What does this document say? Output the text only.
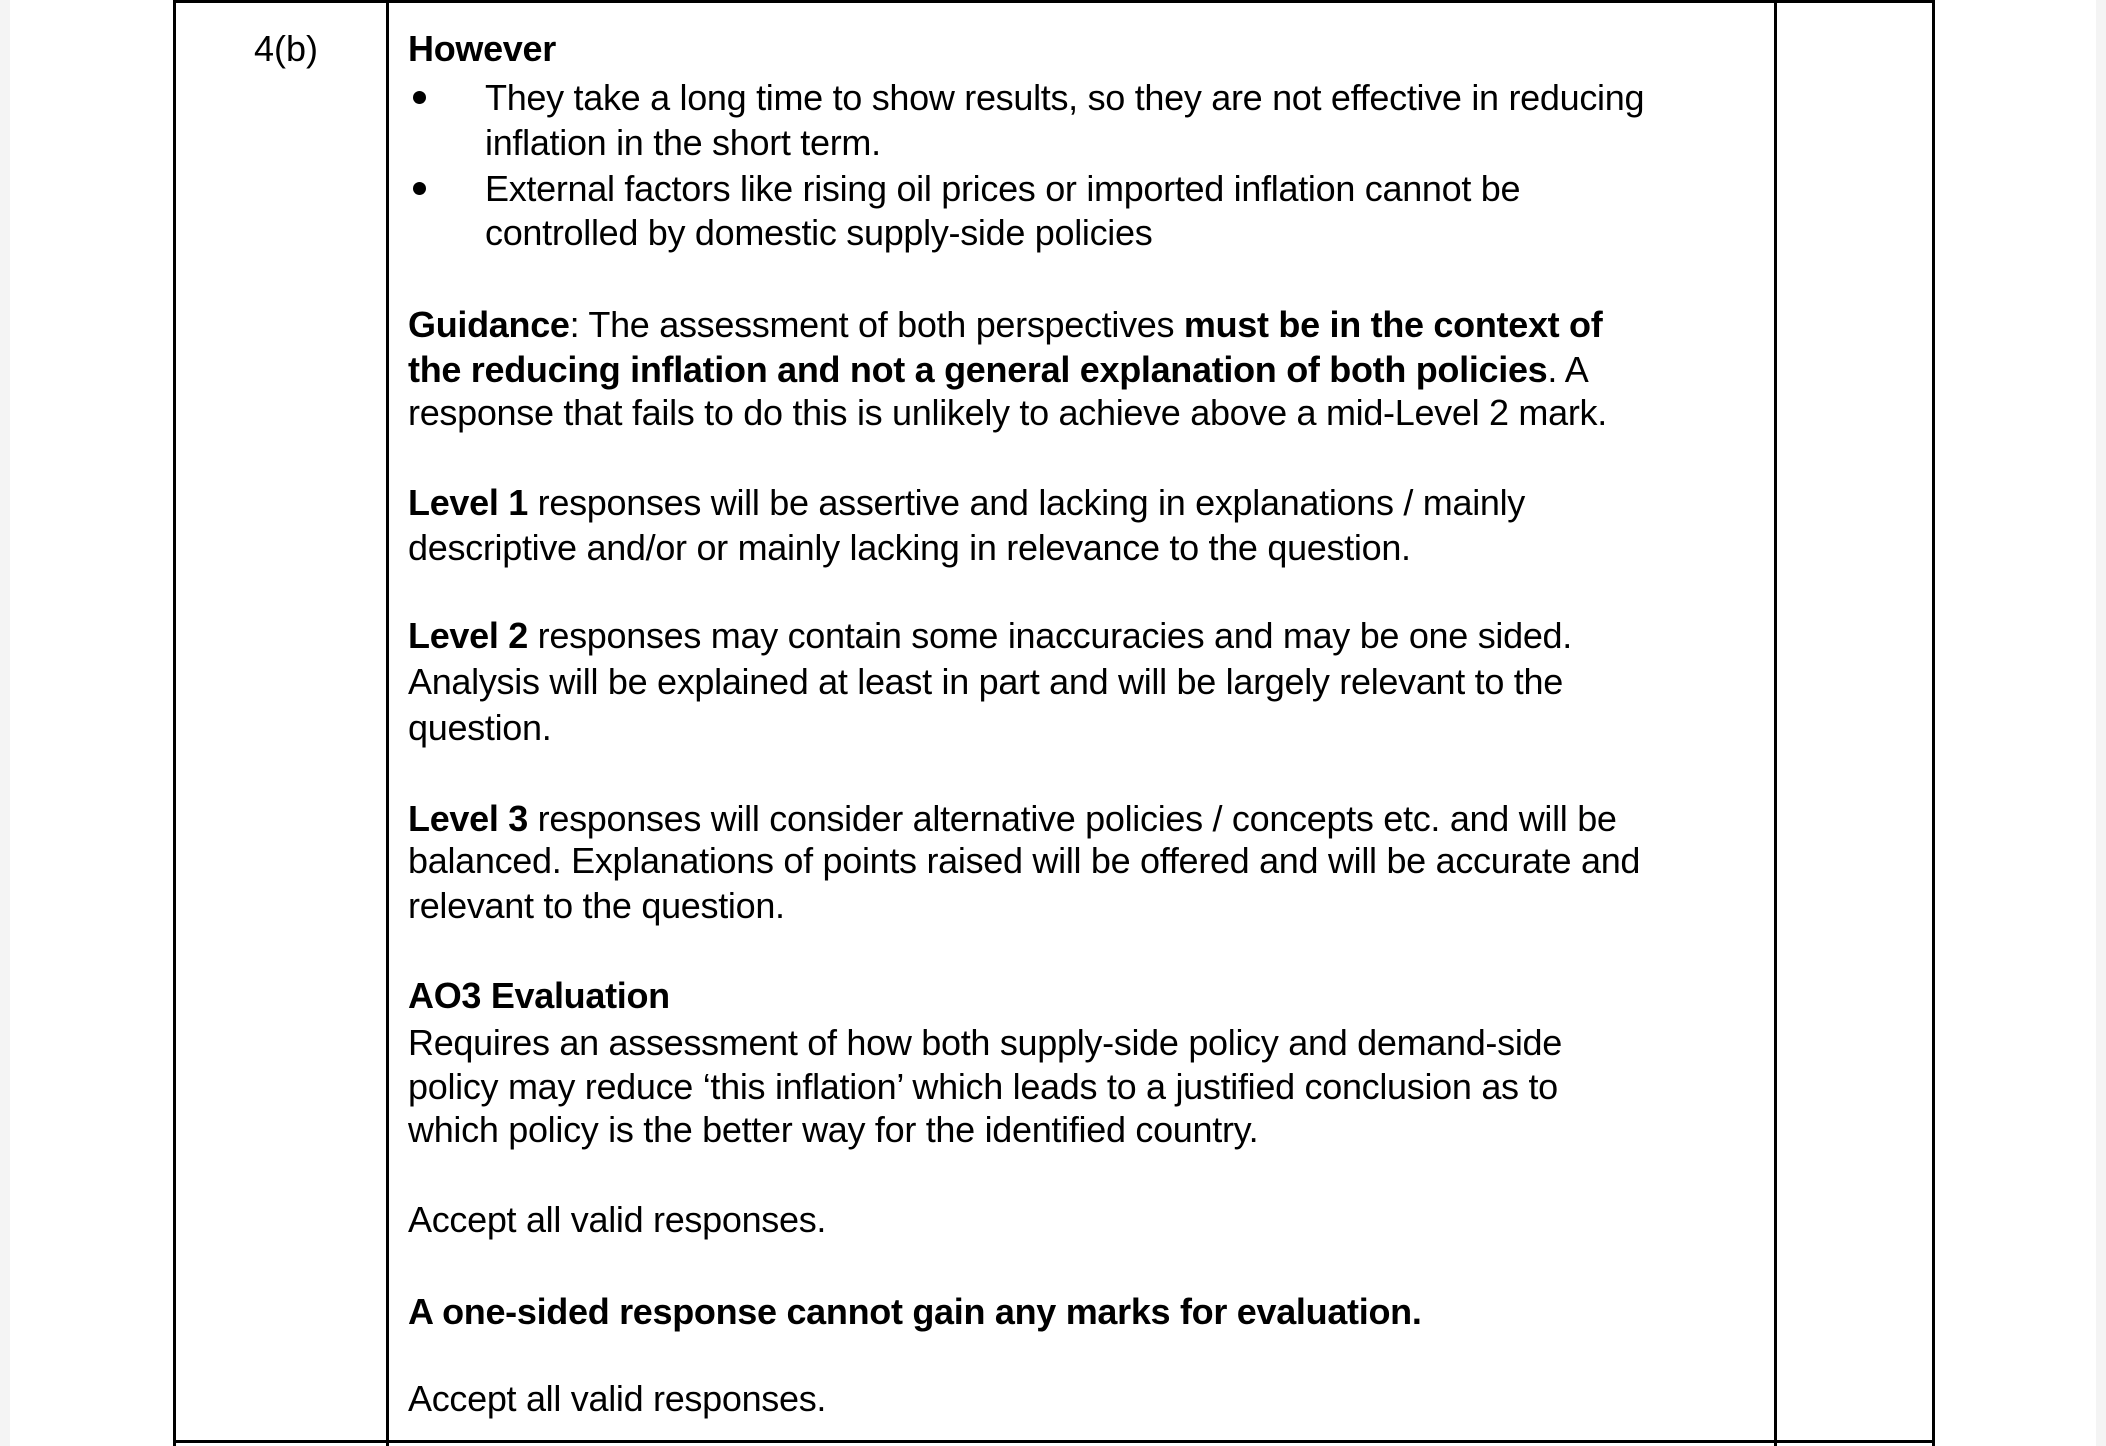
4(b) However
They take a long time to show results, so they are not effective in reducing
inflation in the short term.
External factors like rising oil prices or imported inflation cannot be
controlled by domestic supply-side policies
Guidance: The assessment of both perspectives must be in the context of
the reducing inflation and not a general explanation of both policies. A
response that fails to do this is unlikely to achieve above a mid-Level 2 mark.
Level 1 responses will be assertive and lacking in explanations / mainly
descriptive and/or or mainly lacking in relevance to the question.
Level 2 responses may contain some inaccuracies and may be one sided.
Analysis will be explained at least in part and will be largely relevant to the
question.
Level 3 responses will consider alternative policies / concepts etc. and will be
balanced. Explanations of points raised will be offered and will be accurate and
relevant to the question.
AO3 Evaluation
Requires an assessment of how both supply-side policy and demand-side
policy may reduce ‘this inflation’ which leads to a justified conclusion as to
which policy is the better way for the identified country.
Accept all valid responses.
A one-sided response cannot gain any marks for evaluation.
Accept all valid responses.
